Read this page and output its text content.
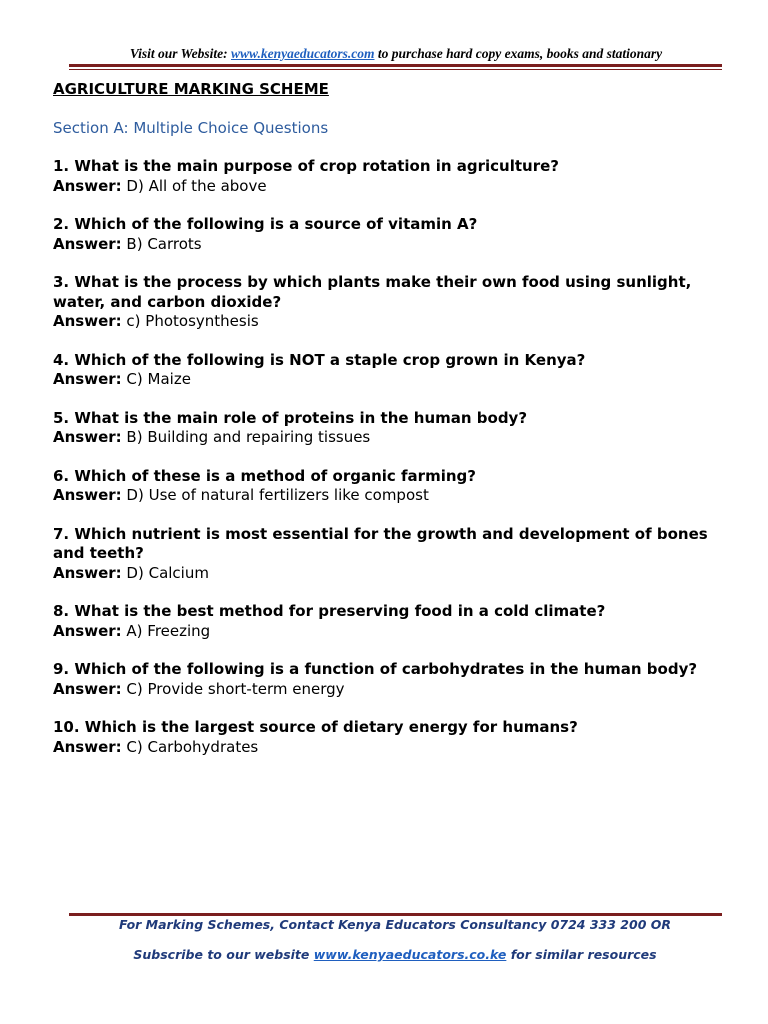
Visit our Website: www.kenyaeducators.com to purchase hard copy exams, books and stationary
AGRICULTURE MARKING SCHEME
Section A: Multiple Choice Questions
1. What is the main purpose of crop rotation in agriculture?
Answer: D) All of the above
2. Which of the following is a source of vitamin A?
Answer: B) Carrots
3. What is the process by which plants make their own food using sunlight, water, and carbon dioxide?
Answer: c) Photosynthesis
4. Which of the following is NOT a staple crop grown in Kenya?
Answer: C) Maize
5. What is the main role of proteins in the human body?
Answer: B) Building and repairing tissues
6. Which of these is a method of organic farming?
Answer: D) Use of natural fertilizers like compost
7. Which nutrient is most essential for the growth and development of bones and teeth?
Answer: D) Calcium
8. What is the best method for preserving food in a cold climate?
Answer: A) Freezing
9. Which of the following is a function of carbohydrates in the human body?
Answer: C) Provide short-term energy
10. Which is the largest source of dietary energy for humans?
Answer: C) Carbohydrates
For Marking Schemes, Contact Kenya Educators Consultancy 0724 333 200 OR
Subscribe to our website www.kenyaeducators.co.ke for similar resources
